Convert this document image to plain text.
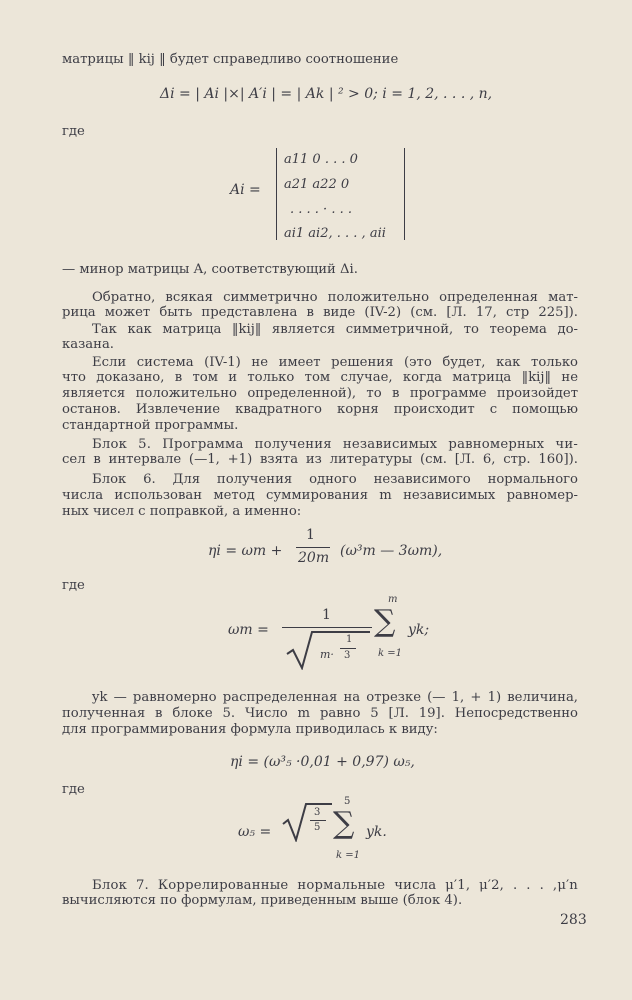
матрицы ‖ kij ‖ будет справедливо соотношение
Δi = | Ai |×| A′i | = | Ak | ² > 0; i = 1, 2, . . . , n,
где
Ai =
a11 0 . . . 0
a21 a22 0
. . . . · . . .
ai1 ai2, . . . , aii
— минор матрицы A, соответствующий Δi.
Обратно, всякая симметрично положительно определенная мат-
рица может быть представлена в виде (IV-2) (см. [Л. 17, стр 225]).
Так как матрица ‖kij‖ является симметричной, то теорема до-
казана.
Если система (IV-1) не имеет решения (это будет, как только
что доказано, в том и только том случае, когда матрица ‖kij‖ не
является положительно определенной), то в программе произойдет
останов. Извлечение квадратного корня происходит с помощью
стандартной программы.
Блок 5. Программа получения независимых равномерных чи-
сел в интервале (—1, +1) взята из литературы (см. [Л. 6, стр. 160]).
Блок 6. Для получения одного независимого нормального
числа использован метод суммирования m независимых равномер-
ных чисел с поправкой, а именно:
ηi = ωm +
1
20m (ω³m — 3ωm),
где
ωm =
1
m·
1
3
m
∑
k =1
yk;
yk — равномерно распределенная на отрезке (— 1, + 1) величина,
полученная в блоке 5. Число m равно 5 [Л. 19]. Непосредственно
для программирования формула приводилась к виду:
ηi = (ω³₅ ·0,01 + 0,97) ω₅,
где
ω₅ =
3
5
5
∑
k =1
yk.
Блок 7. Коррелированные нормальные числа μ′1, μ′2, . . . ,μ′n
вычисляются по формулам, приведенным выше (блок 4).
283
